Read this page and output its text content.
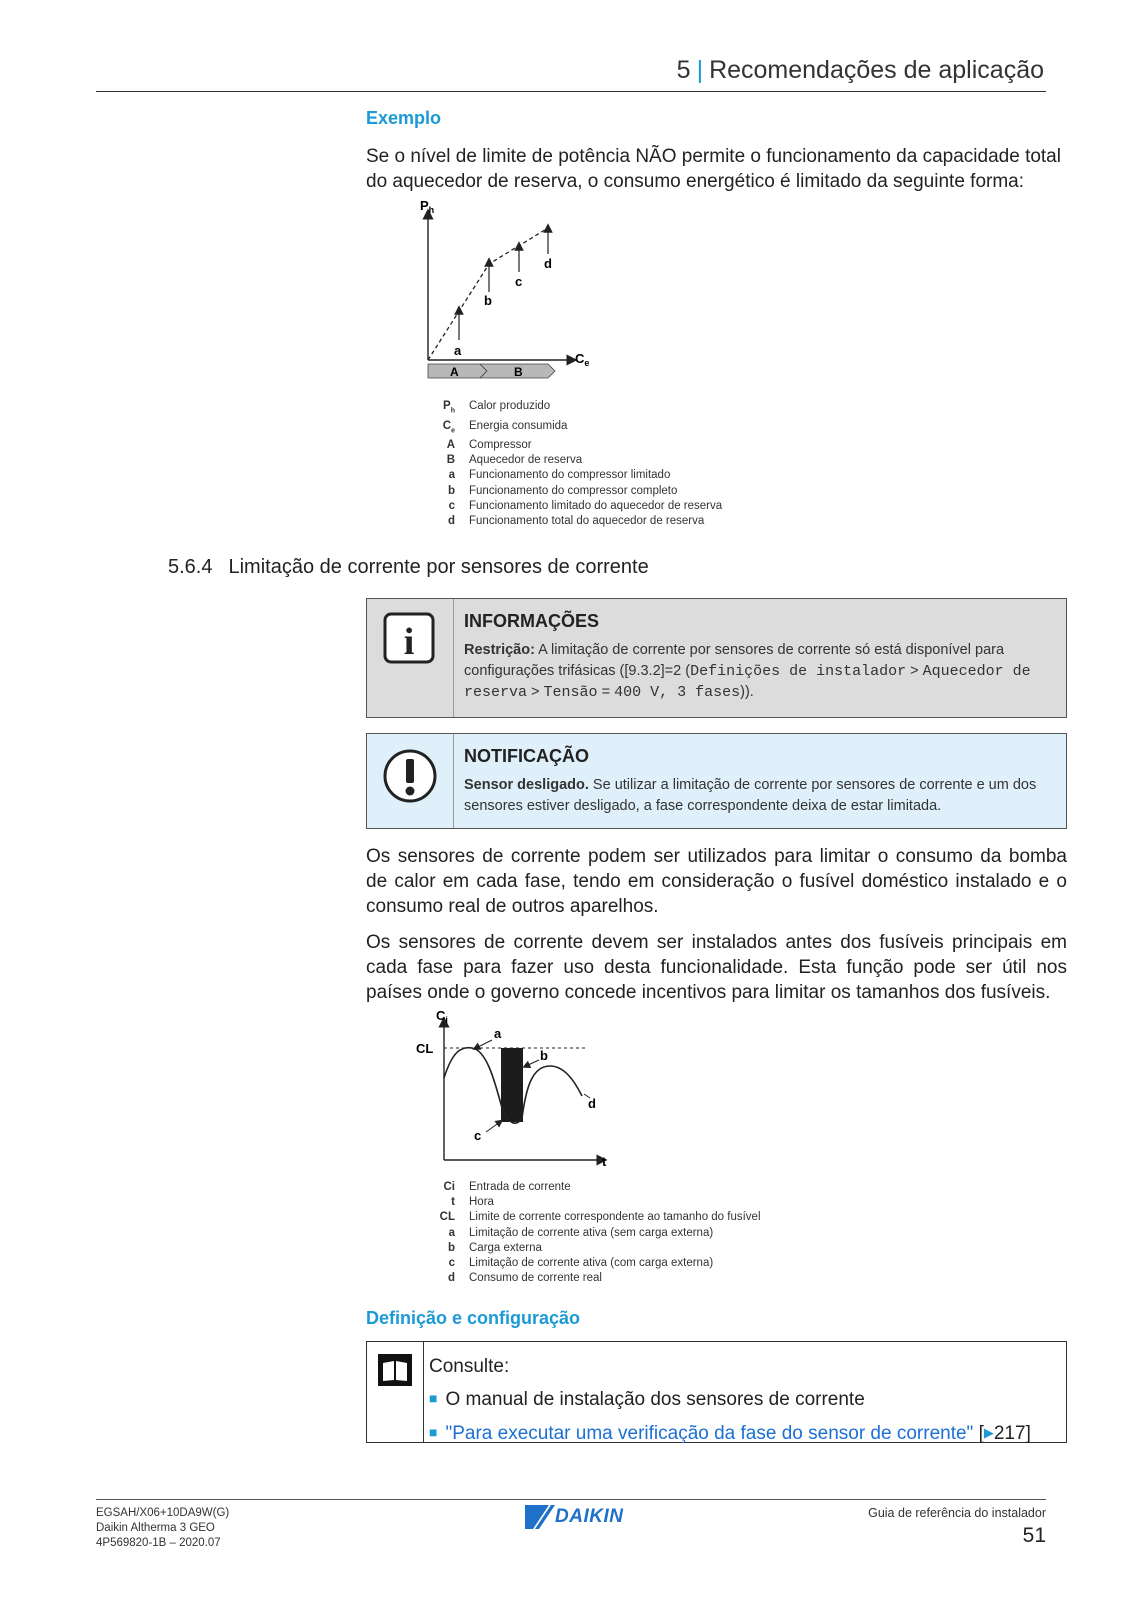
5 | Recomendações de aplicação
Exemplo
Se o nível de limite de potência NÃO permite o funcionamento da capacidade total do aquecedor de reserva, o consumo energético é limitado da seguinte forma:
$P_h$
$C_e$
a
b
c
d
A	B
$P_h$	Calor produzido
$C_e$	Energia consumida
A	Compressor
B	Aquecedor de reserva
a	Funcionamento do compressor limitado
b	Funcionamento do compressor completo
c	Funcionamento limitado do aquecedor de reserva
d	Funcionamento total do aquecedor de reserva
5.6.4 Limitação de corrente por sensores de corrente
i	INFORMAÇÕES
Restrição: A limitação de corrente por sensores de corrente só está disponível para configurações trifásicas ([9.3.2]=2 (Definições de instalador > Aquecedor de reserva > Tensão = 400 V, 3 fases)).
NOTIFICAÇÃO
Sensor desligado. Se utilizar a limitação de corrente por sensores de corrente e um dos sensores estiver desligado, a fase correspondente deixa de estar limitada.
Os sensores de corrente podem ser utilizados para limitar o consumo da bomba de calor em cada fase, tendo em consideração o fusível doméstico instalado e o consumo real de outros aparelhos.
Os sensores de corrente devem ser instalados antes dos fusíveis principais em cada fase para fazer uso desta funcionalidade. Esta função pode ser útil nos países onde o governo concede incentivos para limitar os tamanhos dos fusíveis.
$C_i$
t
CL
a
b
c
d
Ci	Entrada de corrente
t	Hora
CL	Limite de corrente correspondente ao tamanho do fusível
a	Limitação de corrente ativa (sem carga externa)
b	Carga externa
c	Limitação de corrente ativa (com carga externa)
d	Consumo de corrente real
Definição e configuração
Consulte:
■ O manual de instalação dos sensores de corrente
■ "Para executar uma verificação da fase do sensor de corrente" [▶217]
EGSAH/X06+10DA9W(G)
Daikin Altherma 3 GEO
4P569820-1B – 2020.07
DAIKIN	Guia de referência do instalador
51
